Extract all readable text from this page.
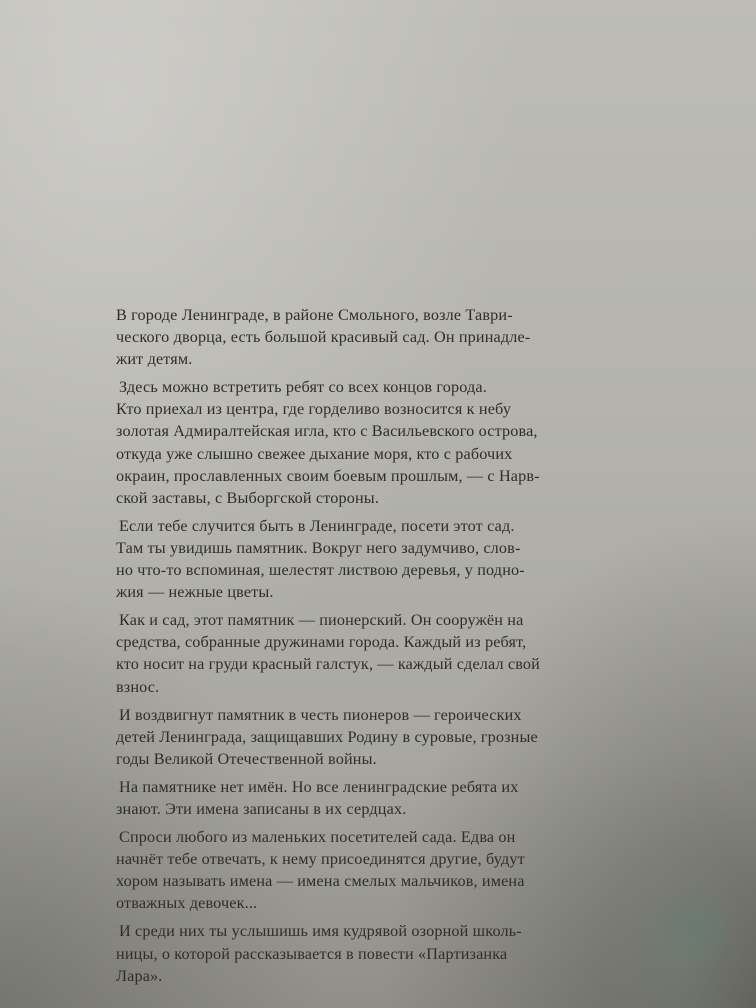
В городе Ленинграде, в районе Смольного, возле Таври-
ческого дворца, есть большой красивый сад. Он принадле-
жит детям.

Здесь можно встретить ребят со всех концов города.
Кто приехал из центра, где горделиво возносится к небу
золотая Адмиралтейская игла, кто с Васильевского острова,
откуда уже слышно свежее дыхание моря, кто с рабочих
окраин, прославленных своим боевым прошлым, — с Нарв-
ской заставы, с Выборгской стороны.

Если тебе случится быть в Ленинграде, посети этот сад.
Там ты увидишь памятник. Вокруг него задумчиво, слов-
но что-то вспоминая, шелестят листвою деревья, у подно-
жия — нежные цветы.

Как и сад, этот памятник — пионерский. Он сооружён на
средства, собранные дружинами города. Каждый из ребят,
кто носит на груди красный галстук, — каждый сделал свой
взнос.

И воздвигнут памятник в честь пионеров — героических
детей Ленинграда, защищавших Родину в суровые, грозные
годы Великой Отечественной войны.

На памятнике нет имён. Но все ленинградские ребята их
знают. Эти имена записаны в их сердцах.

Спроси любого из маленьких посетителей сада. Едва он
начнёт тебе отвечать, к нему присоединятся другие, будут
хором называть имена — имена смелых мальчиков, имена
отважных девочек...

И среди них ты услышишь имя кудрявой озорной школь-
ницы, о которой рассказывается в повести «Партизанка
Лара».
